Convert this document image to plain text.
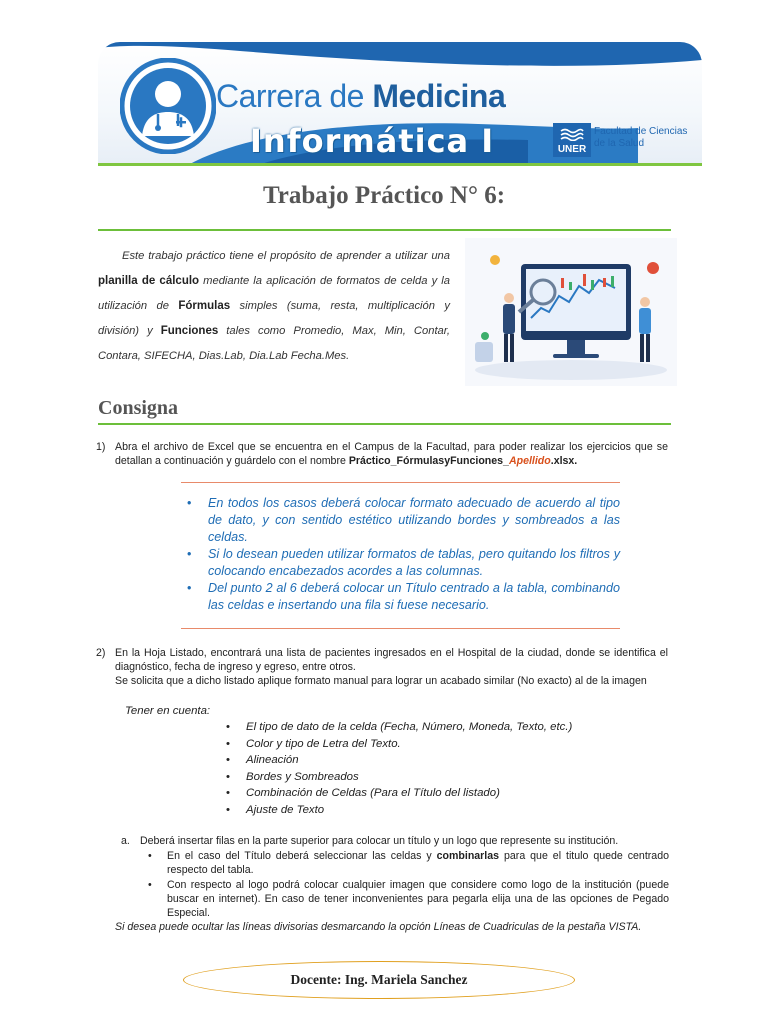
Carrera de Medicina
Informática I	UNER
Facultad de Ciencias de la Salud
Trabajo Práctico N° 6:
Este trabajo práctico tiene el propósito de aprender a utilizar una planilla de cálculo mediante la aplicación de formatos de celda y la utilización de Fórmulas simples (suma, resta, multiplicación y división) y Funciones tales como Promedio, Max, Min, Contar, Contara, SIFECHA, Dias.Lab, Dia.Lab Fecha.Mes.
Consigna
1) Abra el archivo de Excel que se encuentra en el Campus de la Facultad, para poder realizar los ejercicios que se detallan a continuación y guárdelo con el nombre Práctico_FórmulasyFunciones_Apellido.xlsx.
• En todos los casos deberá colocar formato adecuado de acuerdo al tipo de dato, y con sentido estético utilizando bordes y sombreados a las celdas.
• Si lo desean pueden utilizar formatos de tablas, pero quitando los filtros y colocando encabezados acordes a las columnas.
• Del punto 2 al 6 deberá colocar un Título centrado a la tabla, combinando las celdas e insertando una fila si fuese necesario.
2) En la Hoja Listado, encontrará una lista de pacientes ingresados en el Hospital de la ciudad, donde se identifica el diagnóstico, fecha de ingreso y egreso, entre otros.
Se solicita que a dicho listado aplique formato manual para lograr un acabado similar (No exacto) al de la imagen
Tener en cuenta:
• El tipo de dato de la celda (Fecha, Número, Moneda, Texto, etc.)
• Color y tipo de Letra del Texto.
• Alineación
• Bordes y Sombreados
• Combinación de Celdas (Para el Título del listado)
• Ajuste de Texto
a. Deberá insertar filas en la parte superior para colocar un título y un logo que represente su institución.
• En el caso del Título deberá seleccionar las celdas y combinarlas para que el titulo quede centrado respecto del tabla.
• Con respecto al logo podrá colocar cualquier imagen que considere como logo de la institución (puede buscar en internet). En caso de tener inconvenientes para pegarla elija una de las opciones de Pegado Especial.
Si desea puede ocultar las líneas divisorias desmarcando la opción Líneas de Cuadriculas de la pestaña VISTA.
Docente: Ing. Mariela Sanchez
